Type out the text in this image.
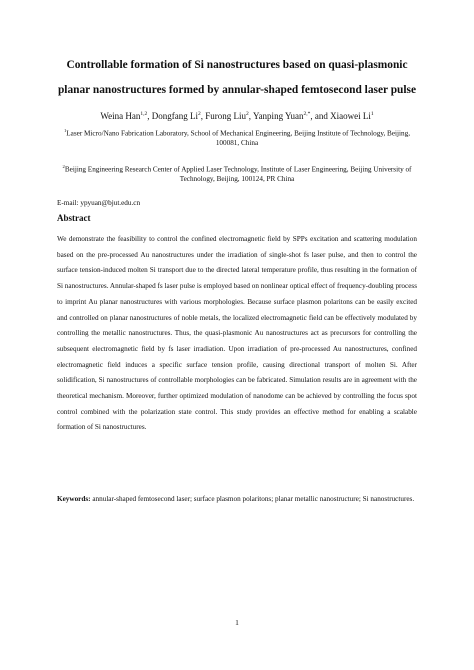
Controllable formation of Si nanostructures based on quasi-plasmonic
planar nanostructures formed by annular-shaped femtosecond laser pulse
Weina Han$^{1,2}$, Dongfang Li$^2$, Furong Liu$^2$, Yanping Yuan$^{2,*}$, and Xiaowei Li$^1$
$^1$Laser Micro/Nano Fabrication Laboratory, School of Mechanical Engineering, Beijing Institute of Technology, Beijing, 100081, China
$^2$Beijing Engineering Research Center of Applied Laser Technology, Institute of Laser Engineering, Beijing University of Technology, Beijing, 100124, PR China
E-mail: ypyuan@bjut.edu.cn
Abstract

We demonstrate the feasibility to control the confined electromagnetic field by SPPs excitation and scattering modulation based on the pre-processed Au nanostructures under the irradiation of single-shot fs laser pulse, and then to control the surface tension-induced molten Si transport due to the directed lateral temperature profile, thus resulting in the formation of Si nanostructures. Annular-shaped fs laser pulse is employed based on nonlinear optical effect of frequency-doubling process to imprint Au planar nanostructures with various morphologies. Because surface plasmon polaritons can be easily excited and controlled on planar nanostructures of noble metals, the localized electromagnetic field can be effectively modulated by controlling the metallic nanostructures. Thus, the quasi-plasmonic Au nanostructures act as precursors for controlling the subsequent electromagnetic field by fs laser irradiation. Upon irradiation of pre-processed Au nanostructures, confined electromagnetic field induces a specific surface tension profile, causing directional transport of molten Si. After solidification, Si nanostructures of controllable morphologies can be fabricated. Simulation results are in agreement with the theoretical mechanism. Moreover, further optimized modulation of nanodome can be achieved by controlling the focus spot control combined with the polarization state control. This study provides an effective method for enabling a scalable formation of Si nanostructures.

Keywords: annular-shaped femtosecond laser; surface plasmon polaritons; planar metallic nanostructure; Si nanostructures.

1
